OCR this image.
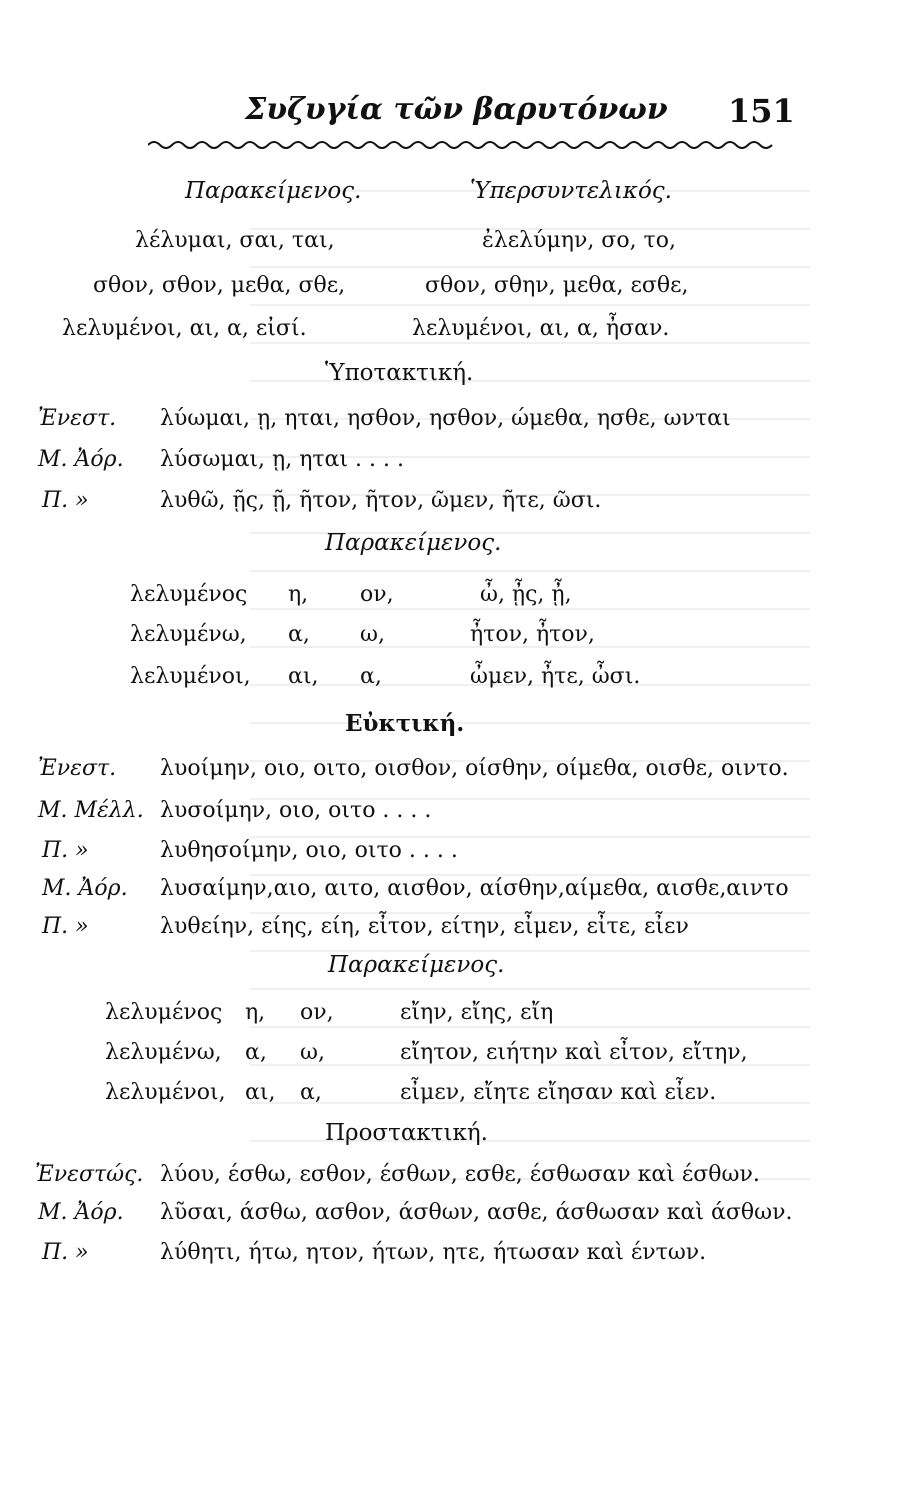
Συζυγία τῶν βαρυτόνων 151
Παρακείμενος.	Ὑπερσυντελικός.
λέλυμαι, σαι, ται,	ἐλελύμην, σο, το,
σθον, σθον, μεθα, σθε,	σθον, σθην, μεθα, εσθε,
λελυμένοι, αι, α, εἰσί.	λελυμένοι, αι, α, ἦσαν.
Ὑποτακτική.
Ἐνεστ. λύωμαι, ῃ, ηται, ησθον, ησθον, ώμεθα, ησθε, ωνται
Μ. Ἀόρ. λύσωμαι, ῃ, ηται . . . .
Π. »	λυθῶ, ῇς, ῇ, ῆτον, ῆτον, ῶμεν, ῆτε, ῶσι.
Παρακείμενος.
λελυμένος η, ον,	ὦ, ᾖς, ᾖ,
λελυμένω, α, ω,	ἦτον, ἦτον,
λελυμένοι, αι, α,	ὦμεν, ἦτε, ὦσι.
Εὐκτική.
Ἐνεστ. λυοίμην, οιο, οιτο, οισθον, οίσθην, οίμεθα, οισθε, οιντο.
Μ. Μέλλ. λυσοίμην, οιο, οιτο . . . .
Π. »	λυθησοίμην, οιο, οιτο . . . .
Μ. Ἀόρ. λυσαίμην,αιο, αιτο, αισθον, αίσθην,αίμεθα, αισθε,αιντο
Π. »	λυθείην, είης, είη, εἶτον, είτην, εἶμεν, εἶτε, εἶεν
Παρακείμενος.
λελυμένος η, ον,	εἴην, εἴης, εἴη
λελυμένω, α, ω,	εἴητον, ειήτην καὶ εἶτον, εἴτην,
λελυμένοι, αι, α,	εἶμεν, εἴητε εἴησαν καὶ εἶεν.
Προστακτική.
Ἐνεστώς. λύου, έσθω, εσθον, έσθων, εσθε, έσθωσαν καὶ έσθων.
Μ. Ἀόρ. λῦσαι, άσθω, ασθον, άσθων, ασθε, άσθωσαν καὶ άσθων.
Π. »	λύθητι, ήτω, ητον, ήτων, ητε, ήτωσαν καὶ έντων.
